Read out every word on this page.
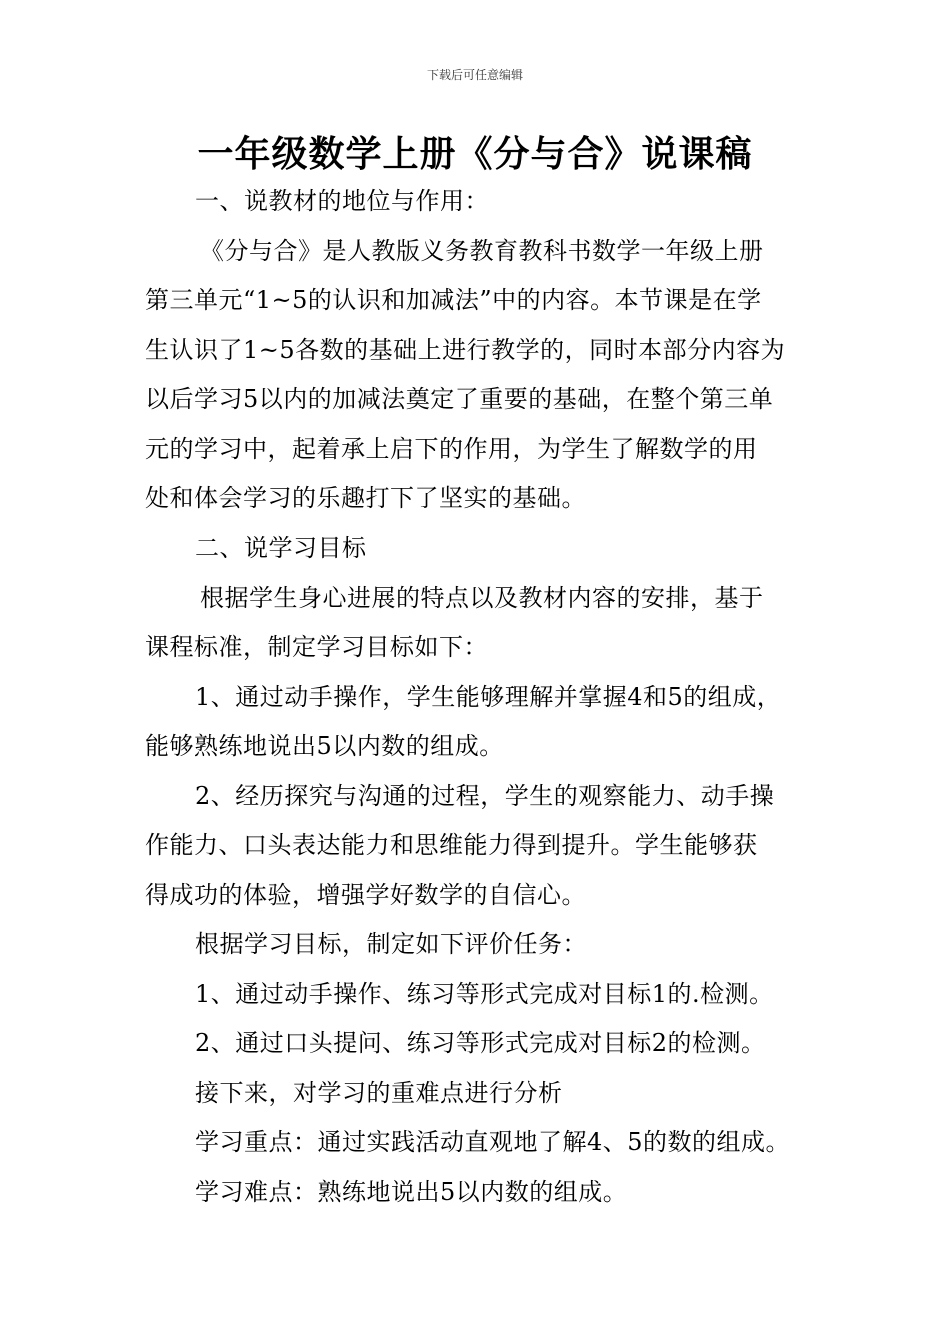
下载后可任意编辑
一年级数学上册《分与合》说课稿
一、说教材的地位与作用：
《分与合》是人教版义务教育教科书数学一年级上册
第三单元“1~5的认识和加减法”中的内容。本节课是在学
生认识了1~5各数的基础上进行教学的，同时本部分内容为
以后学习5以内的加减法奠定了重要的基础，在整个第三单
元的学习中，起着承上启下的作用，为学生了解数学的用
处和体会学习的乐趣打下了坚实的基础。
二、说学习目标
根据学生身心进展的特点以及教材内容的安排，基于
课程标准，制定学习目标如下：
1、通过动手操作，学生能够理解并掌握4和5的组成，
能够熟练地说出5以内数的组成。
2、经历探究与沟通的过程，学生的观察能力、动手操
作能力、口头表达能力和思维能力得到提升。学生能够获
得成功的体验，增强学好数学的自信心。
根据学习目标，制定如下评价任务：
1、通过动手操作、练习等形式完成对目标1的.检测。
2、通过口头提问、练习等形式完成对目标2的检测。
接下来，对学习的重难点进行分析
学习重点：通过实践活动直观地了解4、5的数的组成。
学习难点：熟练地说出5以内数的组成。
